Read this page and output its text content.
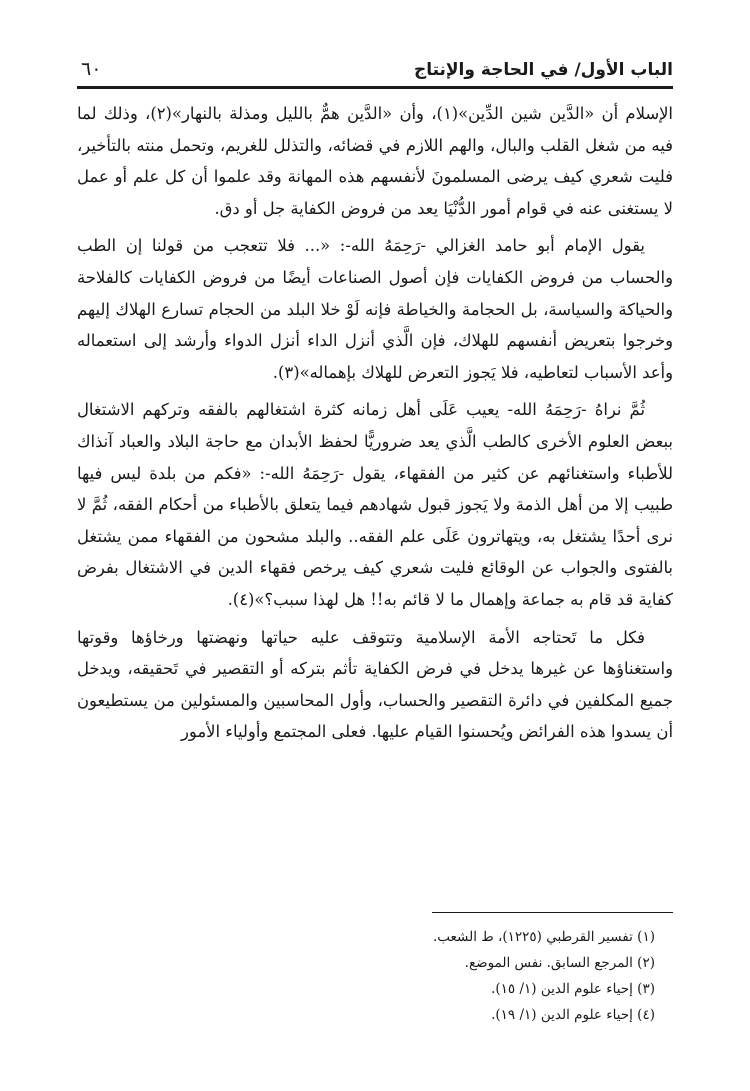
الباب الأول/ في الحاجة والإنتاج
٦٠

الإسلام أن «الدَّين شين الدِّين»(١)، وأن «الدَّين همٌّ بالليل ومذلة بالنهار»(٢)، وذلك لما فيه من شغل القلب والبال، والهم اللازم في قضائه، والتذلل للغريم، وتحمل منته بالتأخير، فليت شعري كيف يرضى المسلمونَ لأنفسهم هذه المهانة وقد علموا أن كل علم أو عمل لا يستغنى عنه في قوام أمور الدُّنْيَا يعد من فروض الكفاية جل أو دق.

يقول الإمام أبو حامد الغزالي -رَحِمَهُ الله-: «... فلا تتعجب من قولنا إن الطب والحساب من فروض الكفايات فإن أصول الصناعات أيضًا من فروض الكفايات كالفلاحة والحياكة والسياسة، بل الحجامة والخياطة فإنه لَوْ خلا البلد من الحجام تسارع الهلاك إليهم وخرجوا بتعريض أنفسهم للهلاك، فإن الَّذي أنزل الداء أنزل الدواء وأرشد إلى استعماله وأعد الأسباب لتعاطيه، فلا يَجوز التعرض للهلاك بإهماله»(٣).

ثُمَّ نراهُ -رَحِمَهُ الله- يعيب عَلَى أهل زمانه كثرة اشتغالهم بالفقه وتركهم الاشتغال ببعض العلوم الأخرى كالطب الَّذي يعد ضروريًّا لحفظ الأبدان مع حاجة البلاد والعباد آنذاك للأطباء واستغنائهم عن كثير من الفقهاء، يقول -رَحِمَهُ الله-: «فكم من بلدة ليس فيها طبيب إلا من أهل الذمة ولا يَجوز قبول شهادهم فيما يتعلق بالأطباء من أحكام الفقه، ثُمَّ لا نرى أحدًا يشتغل به، ويتهاترون عَلَى علم الفقه.. والبلد مشحون من الفقهاء ممن يشتغل بالفتوى والجواب عن الوقائع فليت شعري كيف يرخص فقهاء الدين في الاشتغال بفرض كفاية قد قام به جماعة وإهمال ما لا قائم به!! هل لهذا سبب؟»(٤).

فكل ما تَحتاجه الأمة الإسلامية وتتوقف عليه حياتها ونهضتها ورخاؤها وقوتها واستغناؤها عن غيرها يدخل في فرض الكفاية تأثم بتركه أو التقصير في تَحقيقه، ويدخل جميع المكلفين في دائرة التقصير والحساب، وأول المحاسبين والمسئولين من يستطيعون أن يسدوا هذه الفرائض ويُحسنوا القيام عليها. فعلى المجتمع وأولياء الأمور

(١) تفسير القرطبي (١٢٢٥)، ط الشعب.
(٢) المرجع السابق. نفس الموضع.
(٣) إحياء علوم الدين (١/ ١٥).
(٤) إحياء علوم الدين (١/ ١٩).
